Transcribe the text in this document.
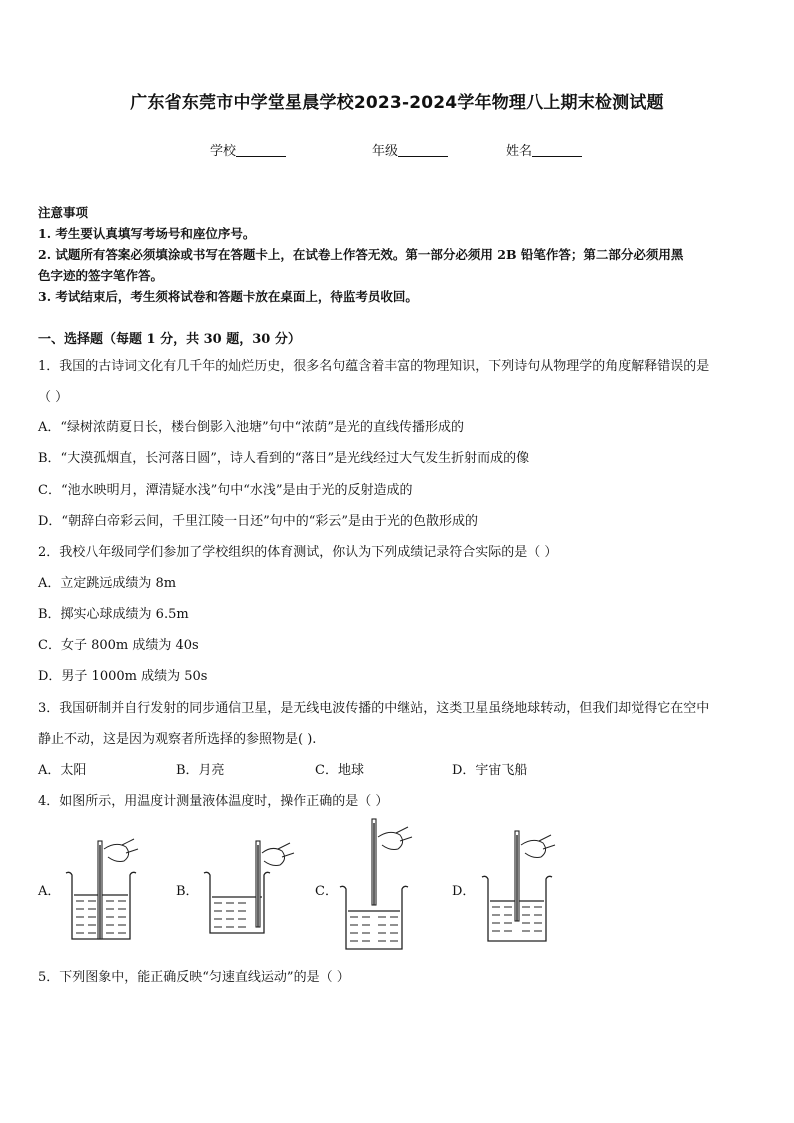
广东省东莞市中学堂星晨学校2023-2024学年物理八上期末检测试题
学校	年级	姓名
注意事项
1. 考生要认真填写考场号和座位序号。
2. 试题所有答案必须填涂或书写在答题卡上，在试卷上作答无效。第一部分必须用 2B 铅笔作答；第二部分必须用黑
色字迹的签字笔作答。
3. 考试结束后，考生须将试卷和答题卡放在桌面上，待监考员收回。
一、选择题（每题 1 分，共 30 题，30 分）
1．我国的古诗词文化有几千年的灿烂历史，很多名句蕴含着丰富的物理知识，下列诗句从物理学的角度解释错误的是
（ ）
A．“绿树浓荫夏日长，楼台倒影入池塘”句中“浓荫”是光的直线传播形成的
B．“大漠孤烟直，长河落日圆”，诗人看到的“落日”是光线经过大气发生折射而成的像
C．“池水映明月，潭清疑水浅”句中“水浅”是由于光的反射造成的
D．“朝辞白帝彩云间，千里江陵一日还”句中的“彩云”是由于光的色散形成的
2．我校八年级同学们参加了学校组织的体育测试，你认为下列成绩记录符合实际的是（ ）
A．立定跳远成绩为 8m
B．掷实心球成绩为 6.5m
C．女子 800m 成绩为 40s
D．男子 1000m 成绩为 50s
3．我国研制并自行发射的同步通信卫星，是无线电波传播的中继站，这类卫星虽绕地球转动，但我们却觉得它在空中
静止不动，这是因为观察者所选择的参照物是( ).
A．太阳	B．月亮	C．地球	D．宇宙飞船
4．如图所示，用温度计测量液体温度时，操作正确的是（ ）
A．	B．	C．	D．
5．下列图象中，能正确反映“匀速直线运动”的是（ ）
